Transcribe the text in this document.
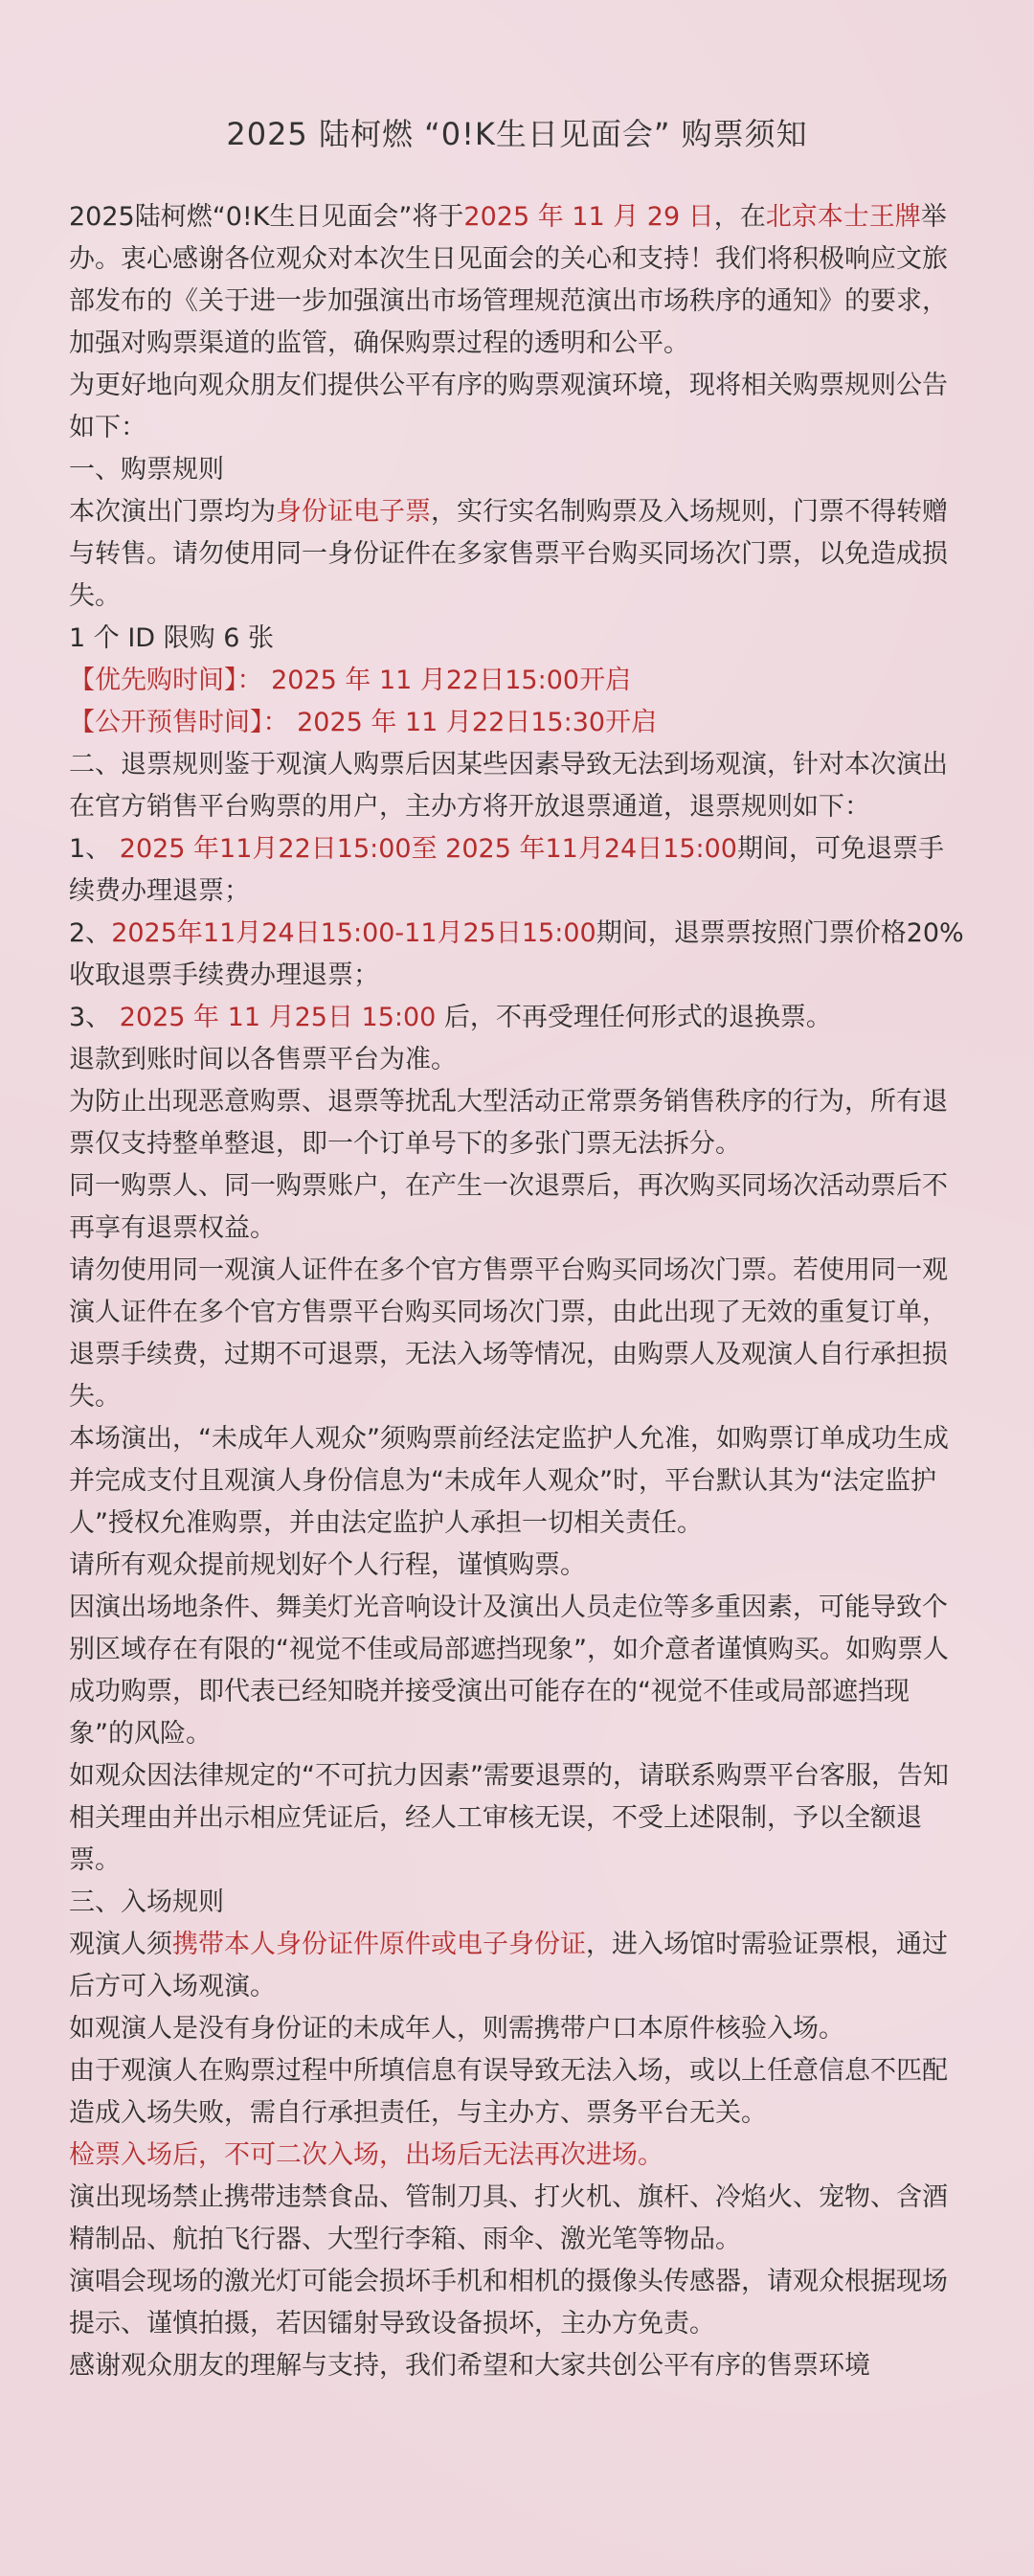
2025 陆柯燃 “0!K生日见面会” 购票须知

2025陆柯燃“0!K生日见面会”将于2025 年 11 月 29 日，在北京本士王牌举办。衷心感谢各位观众对本次生日见面会的关心和支持！我们将积极响应文旅部发布的《关于进一步加强演出市场管理规范演出市场秩序的通知》的要求，加强对购票渠道的监管，确保购票过程的透明和公平。

为更好地向观众朋友们提供公平有序的购票观演环境，现将相关购票规则公告如下：

一、购票规则

本次演出门票均为身份证电子票，实行实名制购票及入场规则，门票不得转赠与转售。请勿使用同一身份证件在多家售票平台购买同场次门票，以免造成损失。

1 个 ID 限购 6 张

【优先购时间】： 2025 年 11 月22日15:00开启

【公开预售时间】： 2025 年 11 月22日15:30开启

二、退票规则鉴于观演人购票后因某些因素导致无法到场观演，针对本次演出在官方销售平台购票的用户，主办方将开放退票通道，退票规则如下：

1、 2025 年11月22日15:00至 2025 年11月24日15:00期间，可免退票手续费办理退票；

2、2025年11月24日15:00-11月25日15:00期间，退票票按照门票价格20%收取退票手续费办理退票；

3、 2025 年 11 月25日 15:00 后，不再受理任何形式的退换票。

退款到账时间以各售票平台为准。

为防止出现恶意购票、退票等扰乱大型活动正常票务销售秩序的行为，所有退票仅支持整单整退，即一个订单号下的多张门票无法拆分。

同一购票人、同一购票账户，在产生一次退票后，再次购买同场次活动票后不再享有退票权益。

请勿使用同一观演人证件在多个官方售票平台购买同场次门票。若使用同一观演人证件在多个官方售票平台购买同场次门票，由此出现了无效的重复订单，退票手续费，过期不可退票，无法入场等情况，由购票人及观演人自行承担损失。

本场演出，“未成年人观众”须购票前经法定监护人允准，如购票订单成功生成并完成支付且观演人身份信息为“未成年人观众”时，平台默认其为“法定监护人”授权允准购票，并由法定监护人承担一切相关责任。

请所有观众提前规划好个人行程，谨慎购票。

因演出场地条件、舞美灯光音响设计及演出人员走位等多重因素，可能导致个别区域存在有限的“视觉不佳或局部遮挡现象”，如介意者谨慎购买。如购票人成功购票，即代表已经知晓并接受演出可能存在的“视觉不佳或局部遮挡现象”的风险。

如观众因法律规定的“不可抗力因素”需要退票的，请联系购票平台客服，告知相关理由并出示相应凭证后，经人工审核无误，不受上述限制，予以全额退票。

三、入场规则

观演人须携带本人身份证件原件或电子身份证，进入场馆时需验证票根，通过后方可入场观演。

如观演人是没有身份证的未成年人，则需携带户口本原件核验入场。

由于观演人在购票过程中所填信息有误导致无法入场，或以上任意信息不匹配造成入场失败，需自行承担责任，与主办方、票务平台无关。

检票入场后，不可二次入场，出场后无法再次进场。

演出现场禁止携带违禁食品、管制刀具、打火机、旗杆、冷焰火、宠物、含酒精制品、航拍飞行器、大型行李箱、雨伞、激光笔等物品。

演唱会现场的激光灯可能会损坏手机和相机的摄像头传感器，请观众根据现场提示、谨慎拍摄，若因镭射导致设备损坏，主办方免责。

感谢观众朋友的理解与支持，我们希望和大家共创公平有序的售票环境
